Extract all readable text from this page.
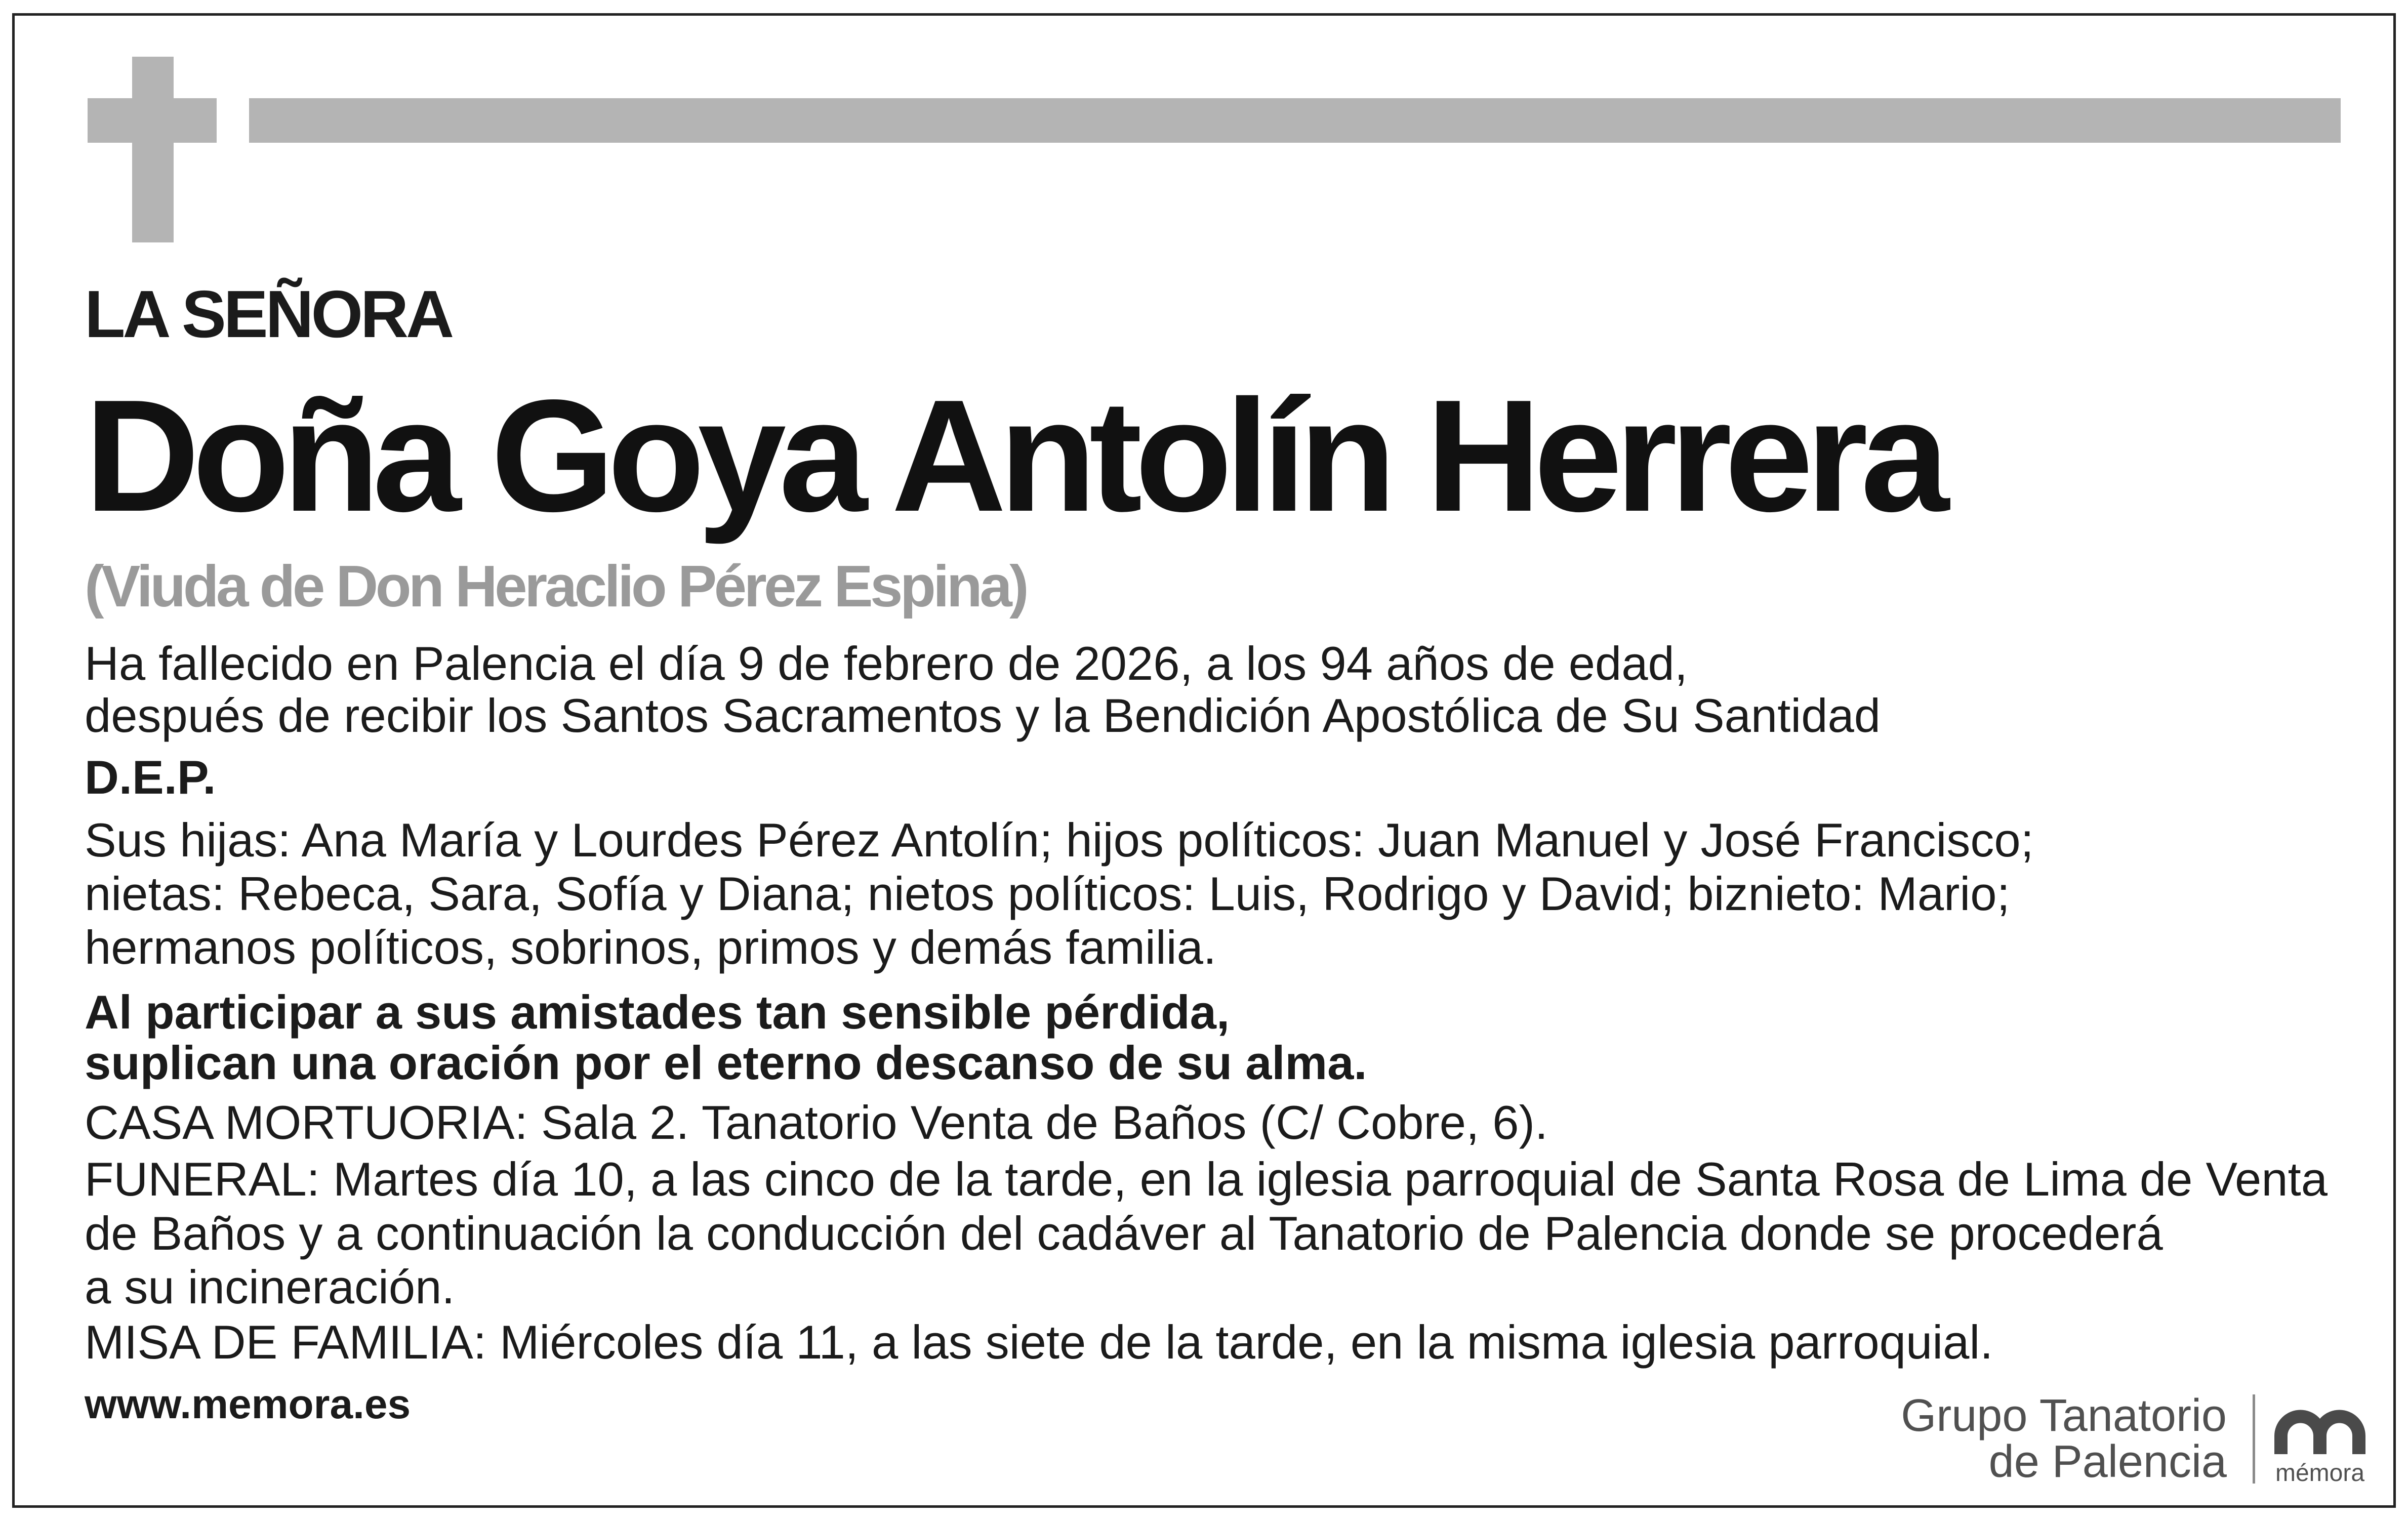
LA SEÑORA
Doña Goya Antolín Herrera
(Viuda de Don Heraclio Pérez Espina)
Ha fallecido en Palencia el día 9 de febrero de 2026, a los 94 años de edad,
después de recibir los Santos Sacramentos y la Bendición Apostólica de Su Santidad
D.E.P.
Sus hijas: Ana María y Lourdes Pérez Antolín; hijos políticos: Juan Manuel y José Francisco;
nietas: Rebeca, Sara, Sofía y Diana; nietos políticos: Luis, Rodrigo y David; biznieto: Mario;
hermanos políticos, sobrinos, primos y demás familia.
Al participar a sus amistades tan sensible pérdida,
suplican una oración por el eterno descanso de su alma.
CASA MORTUORIA: Sala 2. Tanatorio Venta de Baños (C/ Cobre, 6).
FUNERAL: Martes día 10, a las cinco de la tarde, en la iglesia parroquial de Santa Rosa de Lima de Venta
de Baños y a continuación la conducción del cadáver al Tanatorio de Palencia donde se procederá
a su incineración.
MISA DE FAMILIA: Miércoles día 11, a las siete de la tarde, en la misma iglesia parroquial.
www.memora.es	Grupo Tanatorio
de Palencia mémora
